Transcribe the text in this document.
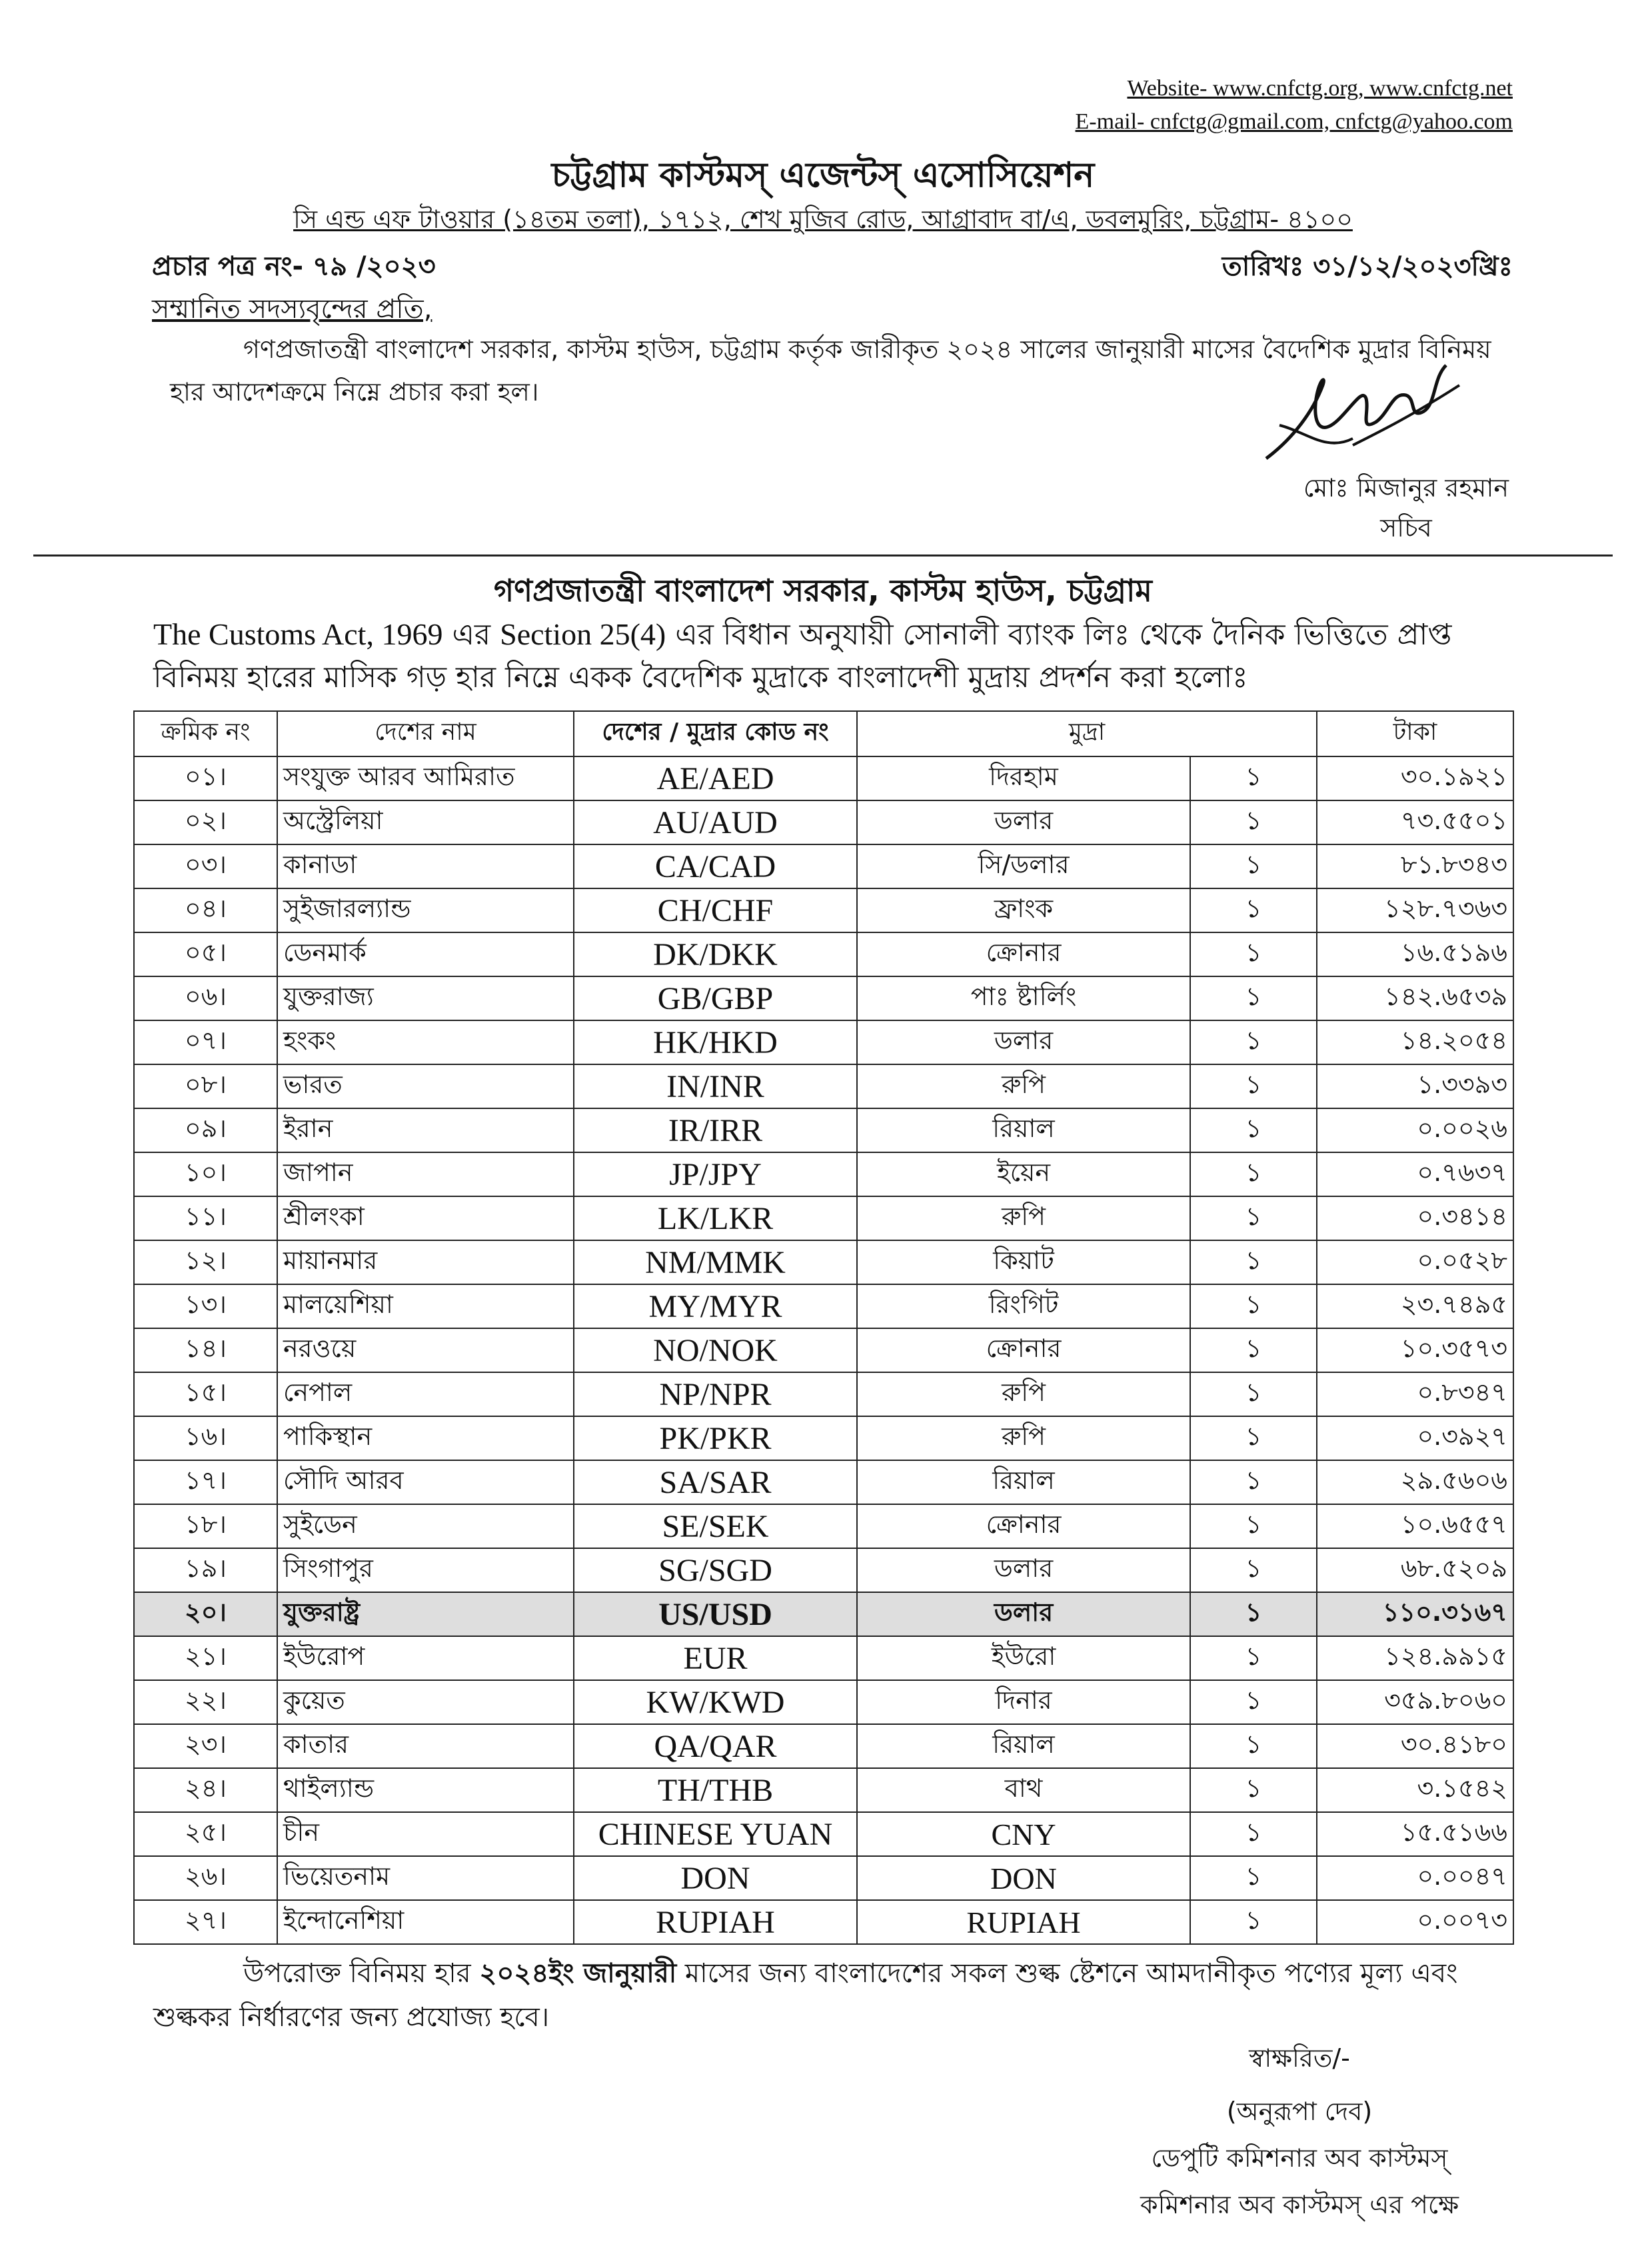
Website- www.cnfctg.org, www.cnfctg.net
E-mail- cnfctg@gmail.com, cnfctg@yahoo.com
চট্টগ্রাম কাস্টমস্ এজেন্টস্ এসোসিয়েশন
সি এন্ড এফ টাওয়ার (১৪তম তলা), ১৭১২, শেখ মুজিব রোড, আগ্রাবাদ বা/এ, ডবলমুরিং, চট্টগ্রাম- ৪১০০
প্রচার পত্র নং- ৭৯ /২০২৩	তারিখঃ ৩১/১২/২০২৩খ্রিঃ
সম্মানিত সদস্যবৃন্দের প্রতি,
গণপ্রজাতন্ত্রী বাংলাদেশ সরকার, কাস্টম হাউস, চট্টগ্রাম কর্তৃক জারীকৃত ২০২৪ সালের জানুয়ারী মাসের বৈদেশিক মুদ্রার বিনিময় হার আদেশক্রমে নিম্নে প্রচার করা হল।
মোঃ মিজানুর রহমান
সচিব
গণপ্রজাতন্ত্রী বাংলাদেশ সরকার, কাস্টম হাউস, চট্টগ্রাম
The Customs Act, 1969 এর Section 25(4) এর বিধান অনুযায়ী সোনালী ব্যাংক লিঃ থেকে দৈনিক ভিত্তিতে প্রাপ্ত বিনিময় হারের মাসিক গড় হার নিম্নে একক বৈদেশিক মুদ্রাকে বাংলাদেশী মুদ্রায় প্রদর্শন করা হলোঃ
ক্রমিক নং	দেশের নাম	দেশের / মুদ্রার কোড নং	মুদ্রা		টাকা
০১।	সংযুক্ত আরব আমিরাত	AE/AED	দিরহাম	১	৩০.১৯২১
০২।	অস্ট্রেলিয়া	AU/AUD	ডলার	১	৭৩.৫৫০১
০৩।	কানাডা	CA/CAD	সি/ডলার	১	৮১.৮৩৪৩
০৪।	সুইজারল্যান্ড	CH/CHF	ফ্রাংক	১	১২৮.৭৩৬৩
০৫।	ডেনমার্ক	DK/DKK	ক্রোনার	১	১৬.৫১৯৬
০৬।	যুক্তরাজ্য	GB/GBP	পাঃ ষ্টার্লিং	১	১৪২.৬৫৩৯
০৭।	হংকং	HK/HKD	ডলার	১	১৪.২০৫৪
০৮।	ভারত	IN/INR	রুপি	১	১.৩৩৯৩
০৯।	ইরান	IR/IRR	রিয়াল	১	০.০০২৬
১০।	জাপান	JP/JPY	ইয়েন	১	০.৭৬৩৭
১১।	শ্রীলংকা	LK/LKR	রুপি	১	০.৩৪১৪
১২।	মায়ানমার	NM/MMK	কিয়াট	১	০.০৫২৮
১৩।	মালয়েশিয়া	MY/MYR	রিংগিট	১	২৩.৭৪৯৫
১৪।	নরওয়ে	NO/NOK	ক্রোনার	১	১০.৩৫৭৩
১৫।	নেপাল	NP/NPR	রুপি	১	০.৮৩৪৭
১৬।	পাকিস্থান	PK/PKR	রুপি	১	০.৩৯২৭
১৭।	সৌদি আরব	SA/SAR	রিয়াল	১	২৯.৫৬০৬
১৮।	সুইডেন	SE/SEK	ক্রোনার	১	১০.৬৫৫৭
১৯।	সিংগাপুর	SG/SGD	ডলার	১	৬৮.৫২০৯
২০।	যুক্তরাষ্ট্র	US/USD	ডলার	১	১১০.৩১৬৭
২১।	ইউরোপ	EUR	ইউরো	১	১২৪.৯৯১৫
২২।	কুয়েত	KW/KWD	দিনার	১	৩৫৯.৮০৬০
২৩।	কাতার	QA/QAR	রিয়াল	১	৩০.৪১৮০
২৪।	থাইল্যান্ড	TH/THB	বাথ	১	৩.১৫৪২
২৫।	চীন	CHINESE YUAN	CNY	১	১৫.৫১৬৬
২৬।	ভিয়েতনাম	DON	DON	১	০.০০৪৭
২৭।	ইন্দোনেশিয়া	RUPIAH	RUPIAH	১	০.০০৭৩
উপরোক্ত বিনিময় হার ২০২৪ইং জানুয়ারী মাসের জন্য বাংলাদেশের সকল শুল্ক ষ্টেশনে আমদানীকৃত পণ্যের মূল্য এবং শুল্ককর নির্ধারণের জন্য প্রযোজ্য হবে।
স্বাক্ষরিত/-
(অনুরূপা দেব)
ডেপুটি কমিশনার অব কাস্টমস্
কমিশনার অব কাস্টমস্ এর পক্ষে
